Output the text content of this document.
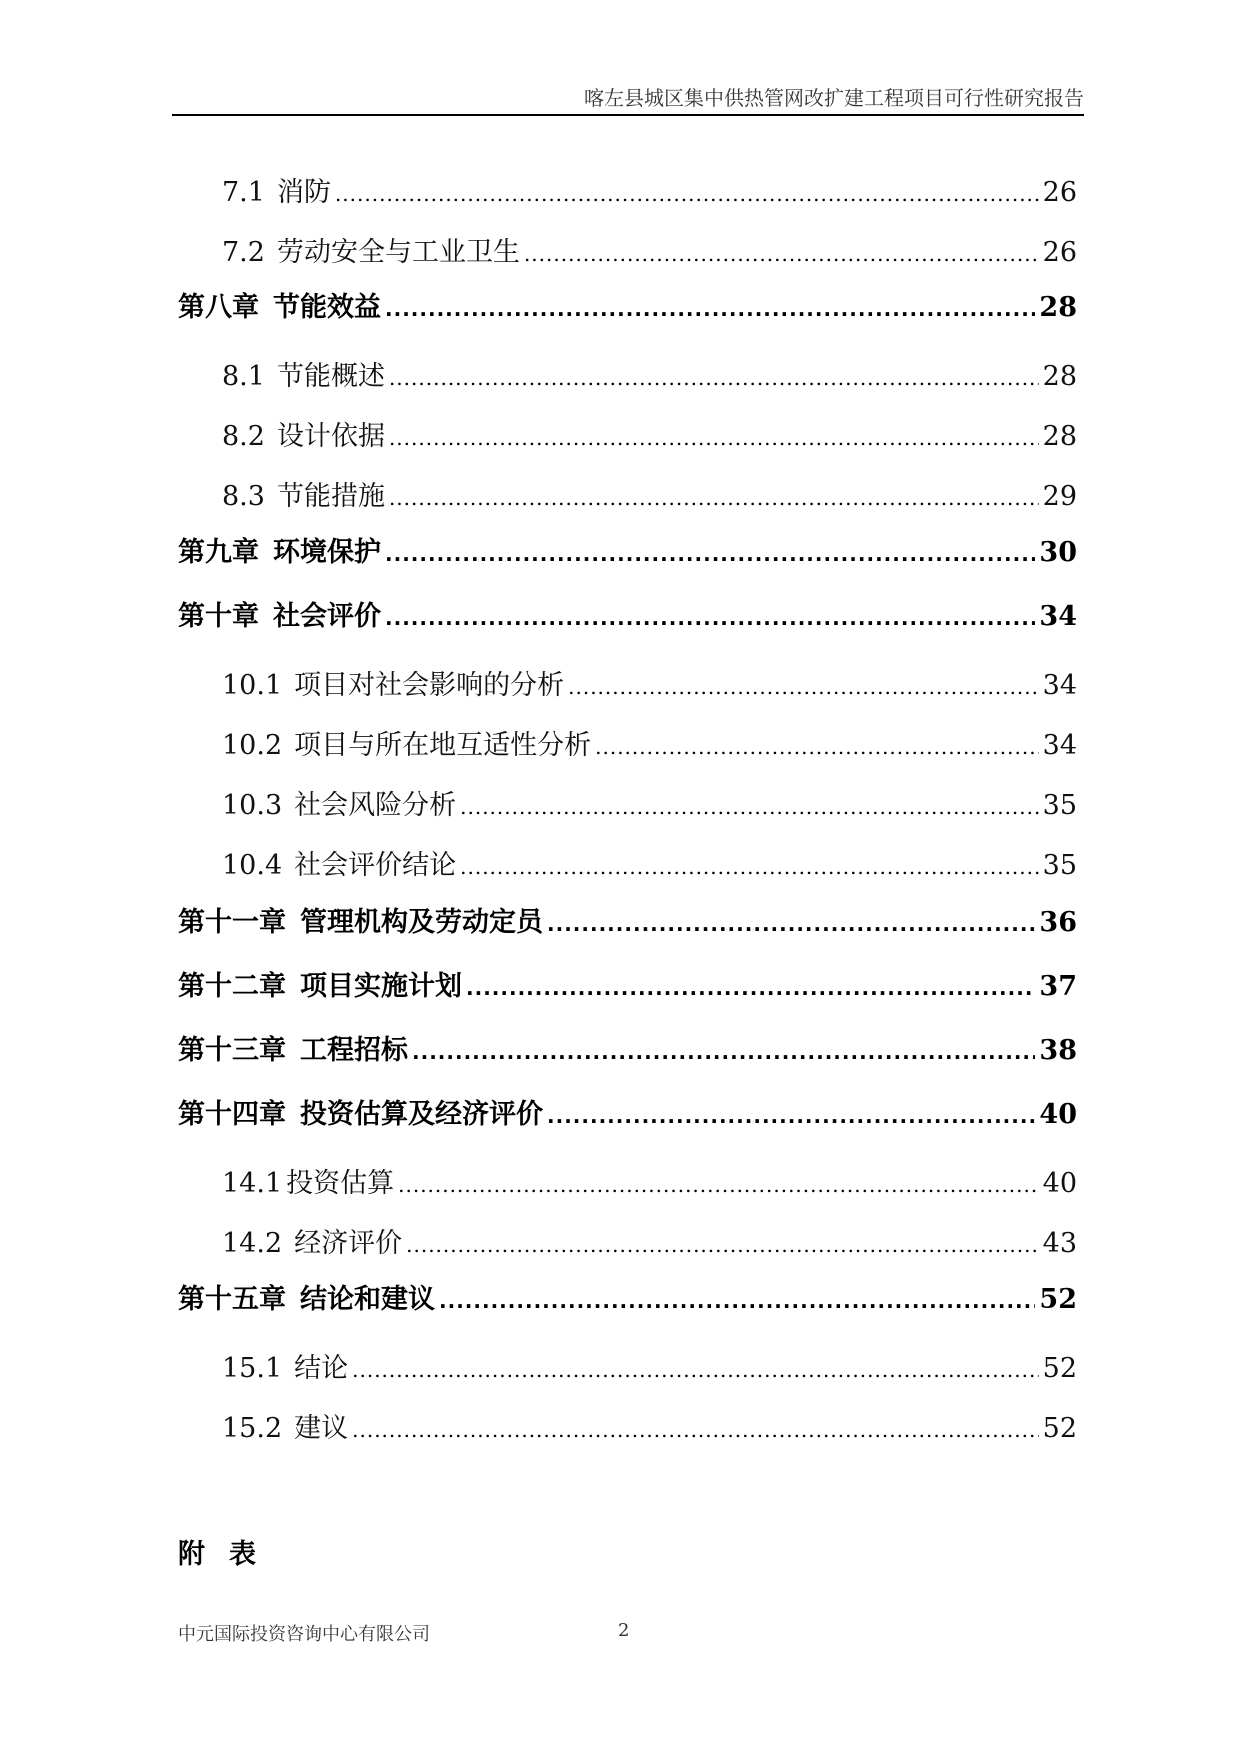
喀左县城区集中供热管网改扩建工程项目可行性研究报告
7.1 消防 .....	26
7.2 劳动安全与工业卫生 .....	26
第八章 节能效益 .....	28
8.1 节能概述 .....	28
8.2 设计依据 .....	28
8.3 节能措施 .....	29
第九章 环境保护 .....	30
第十章 社会评价 .....	34
10.1 项目对社会影响的分析 .....	34
10.2 项目与所在地互适性分析 .....	34
10.3 社会风险分析 .....	35
10.4 社会评价结论 .....	35
第十一章 管理机构及劳动定员 .....	36
第十二章 项目实施计划 .....	37
第十三章 工程招标 .....	38
第十四章 投资估算及经济评价 .....	40
14.1 投资估算 .....	40
14.2 经济评价 .....	43
第十五章 结论和建议 .....	52
15.1 结论 .....	52
15.2 建议 .....	52
附表
中元国际投资咨询中心有限公司	2
